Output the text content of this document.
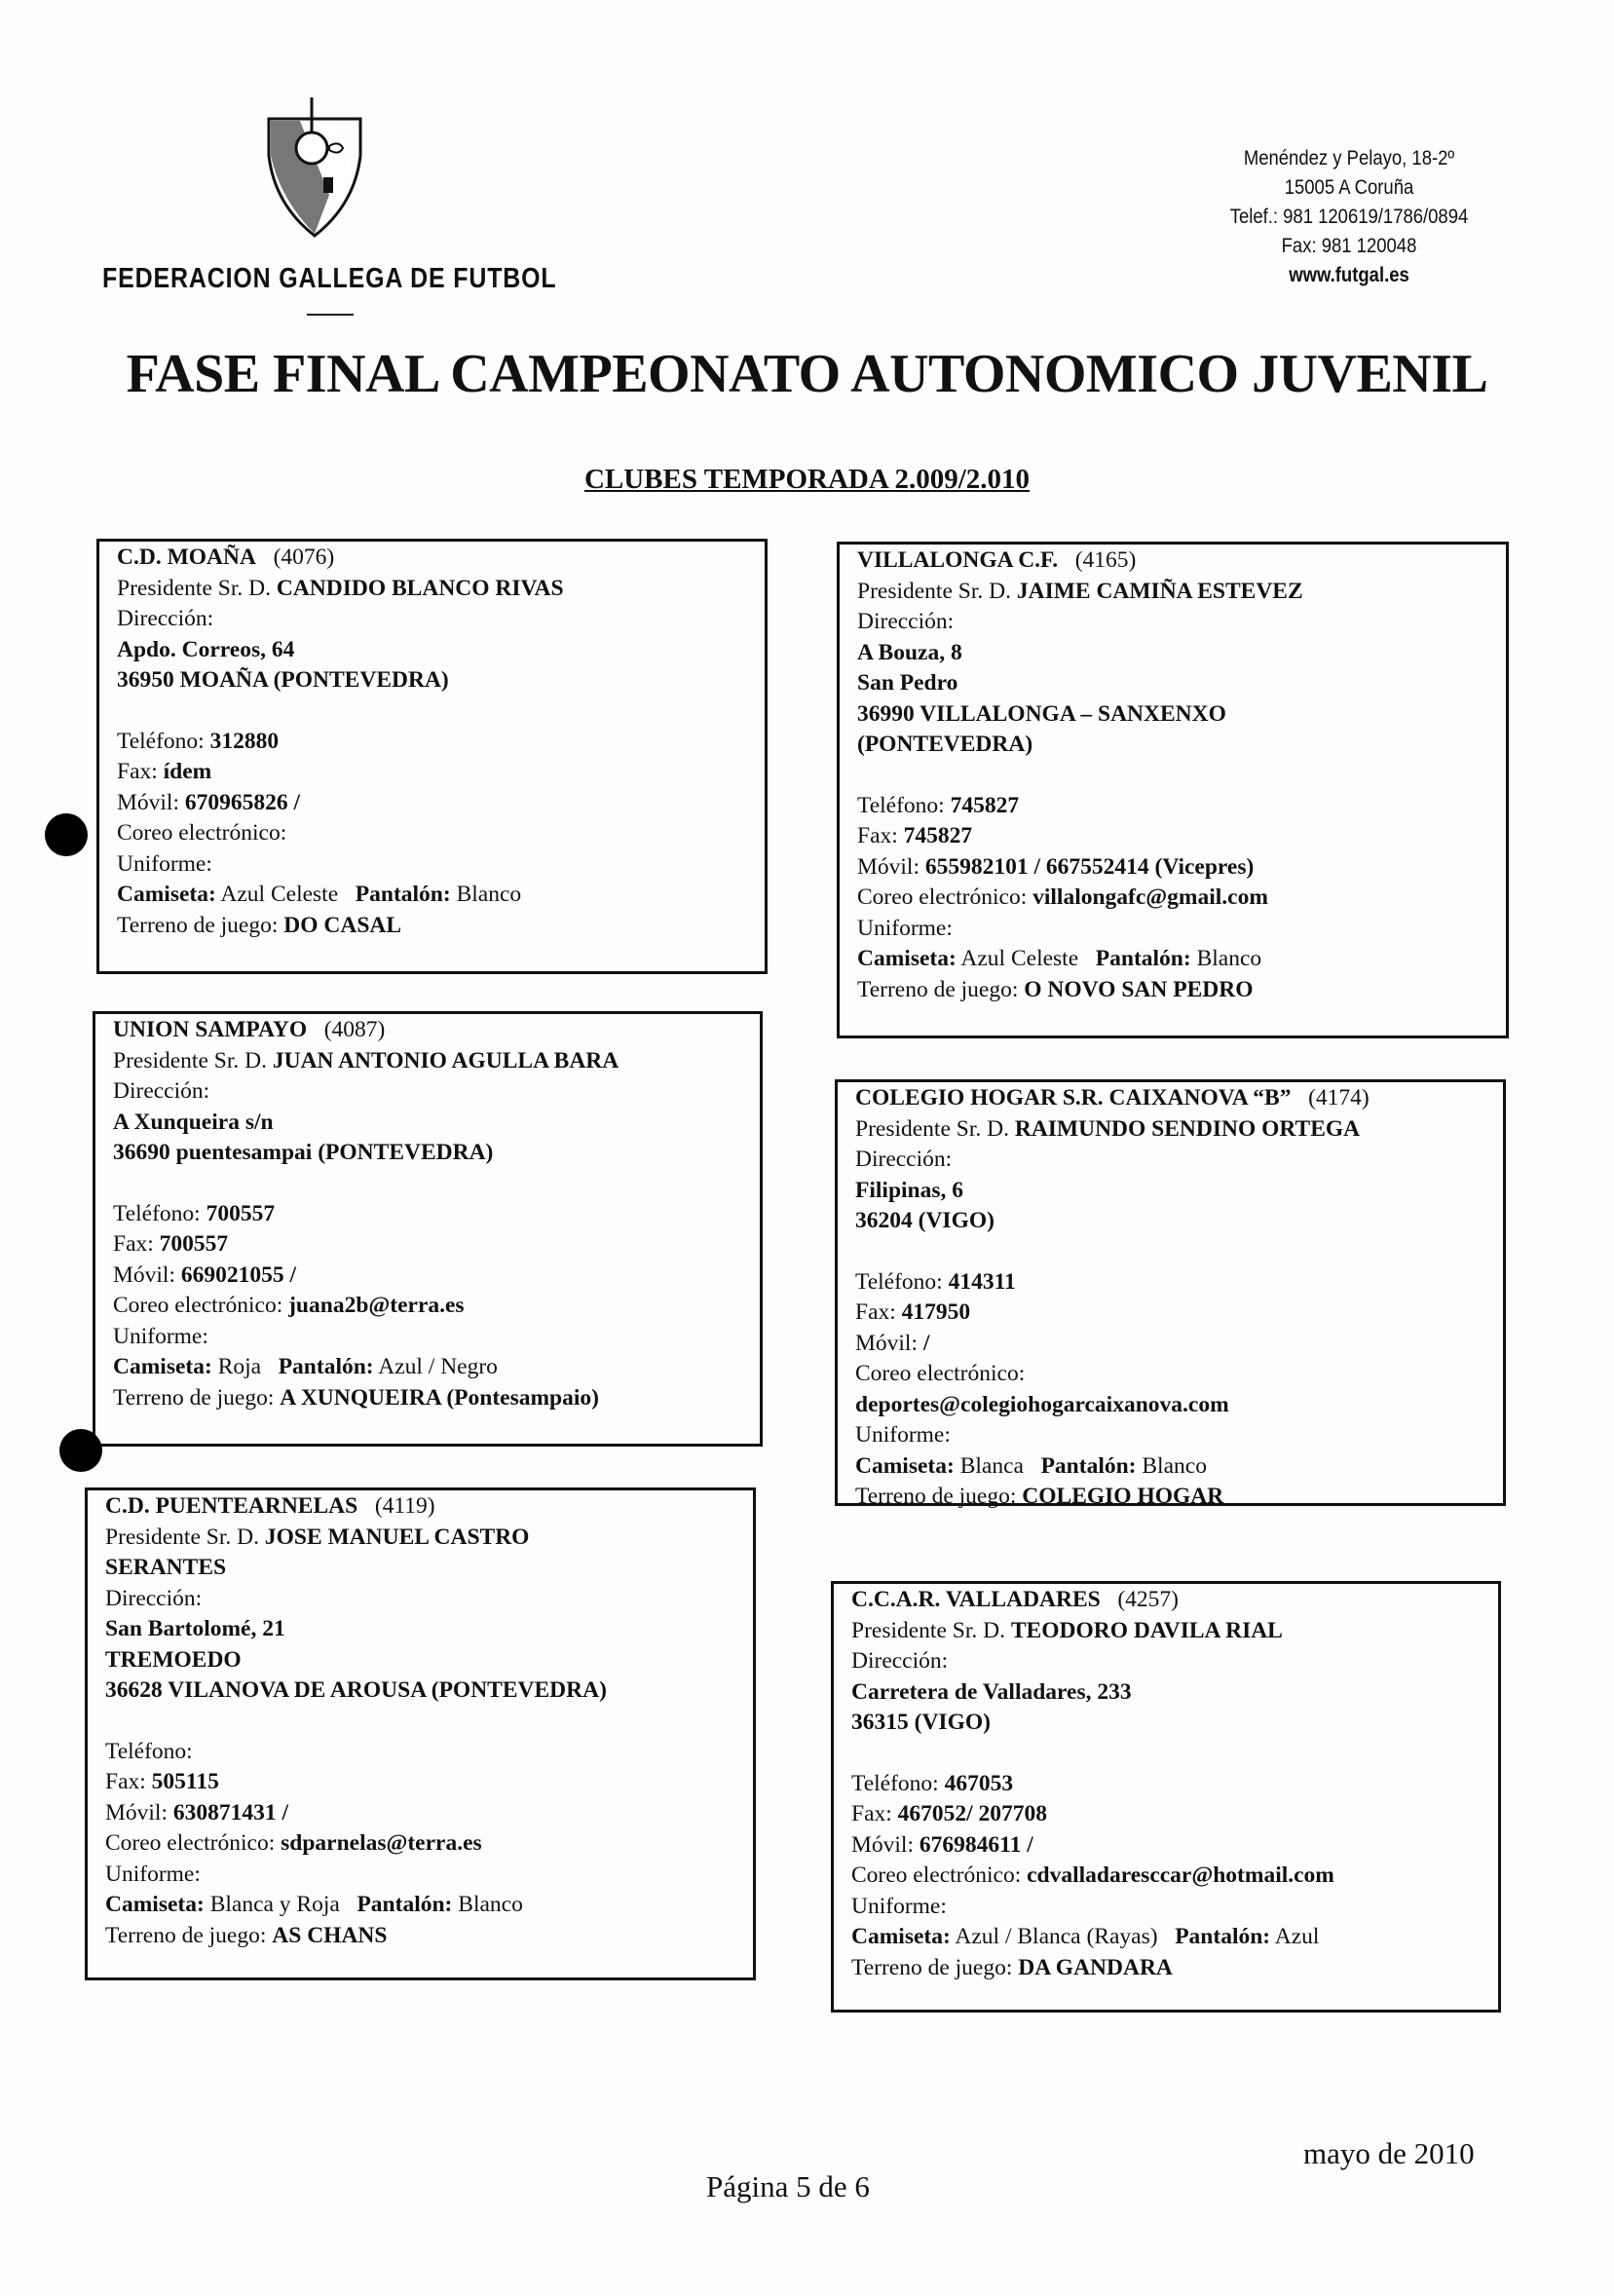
FEDERACION GALLEGA DE FUTBOL
Menéndez y Pelayo, 18-2º
15005 A Coruña
Telef.: 981 120619/1786/0894
Fax: 981 120048
www.futgal.es
FASE FINAL CAMPEONATO AUTONOMICO JUVENIL
CLUBES TEMPORADA 2.009/2.010
C.D. MOAÑA (4076)
Presidente Sr. D. CANDIDO BLANCO RIVAS
Dirección:
Apdo. Correos, 64
36950 MOAÑA (PONTEVEDRA)
Teléfono: 312880
Fax: ídem
Móvil: 670965826 /
Coreo electrónico:
Uniforme:
Camiseta: Azul Celeste Pantalón: Blanco
Terreno de juego: DO CASAL
UNION SAMPAYO (4087)
Presidente Sr. D. JUAN ANTONIO AGULLA BARA
Dirección:
A Xunqueira s/n
36690 puentesampai (PONTEVEDRA)
Teléfono: 700557
Fax: 700557
Móvil: 669021055 /
Coreo electrónico: juana2b@terra.es
Uniforme:
Camiseta: Roja Pantalón: Azul / Negro
Terreno de juego: A XUNQUEIRA (Pontesampaio)
C.D. PUENTEARNELAS (4119)
Presidente Sr. D. JOSE MANUEL CASTRO
SERANTES
Dirección:
San Bartolomé, 21
TREMOEDO
36628 VILANOVA DE AROUSA (PONTEVEDRA)
Teléfono:
Fax: 505115
Móvil: 630871431 /
Coreo electrónico: sdparnelas@terra.es
Uniforme:
Camiseta: Blanca y Roja Pantalón: Blanco
Terreno de juego: AS CHANS
VILLALONGA C.F. (4165)
Presidente Sr. D. JAIME CAMIÑA ESTEVEZ
Dirección:
A Bouza, 8
San Pedro
36990 VILLALONGA – SANXENXO
(PONTEVEDRA)
Teléfono: 745827
Fax: 745827
Móvil: 655982101 / 667552414 (Vicepres)
Coreo electrónico: villalongafc@gmail.com
Uniforme:
Camiseta: Azul Celeste Pantalón: Blanco
Terreno de juego: O NOVO SAN PEDRO
COLEGIO HOGAR S.R. CAIXANOVA “B” (4174)
Presidente Sr. D. RAIMUNDO SENDINO ORTEGA
Dirección:
Filipinas, 6
36204 (VIGO)
Teléfono: 414311
Fax: 417950
Móvil: /
Coreo electrónico:
deportes@colegiohogarcaixanova.com
Uniforme:
Camiseta: Blanca Pantalón: Blanco
Terreno de juego: COLEGIO HOGAR
C.C.A.R. VALLADARES (4257)
Presidente Sr. D. TEODORO DAVILA RIAL
Dirección:
Carretera de Valladares, 233
36315 (VIGO)
Teléfono: 467053
Fax: 467052/ 207708
Móvil: 676984611 /
Coreo electrónico: cdvalladaresccar@hotmail.com
Uniforme:
Camiseta: Azul / Blanca (Rayas) Pantalón: Azul
Terreno de juego: DA GANDARA
Página 5 de 6
mayo de 2010
